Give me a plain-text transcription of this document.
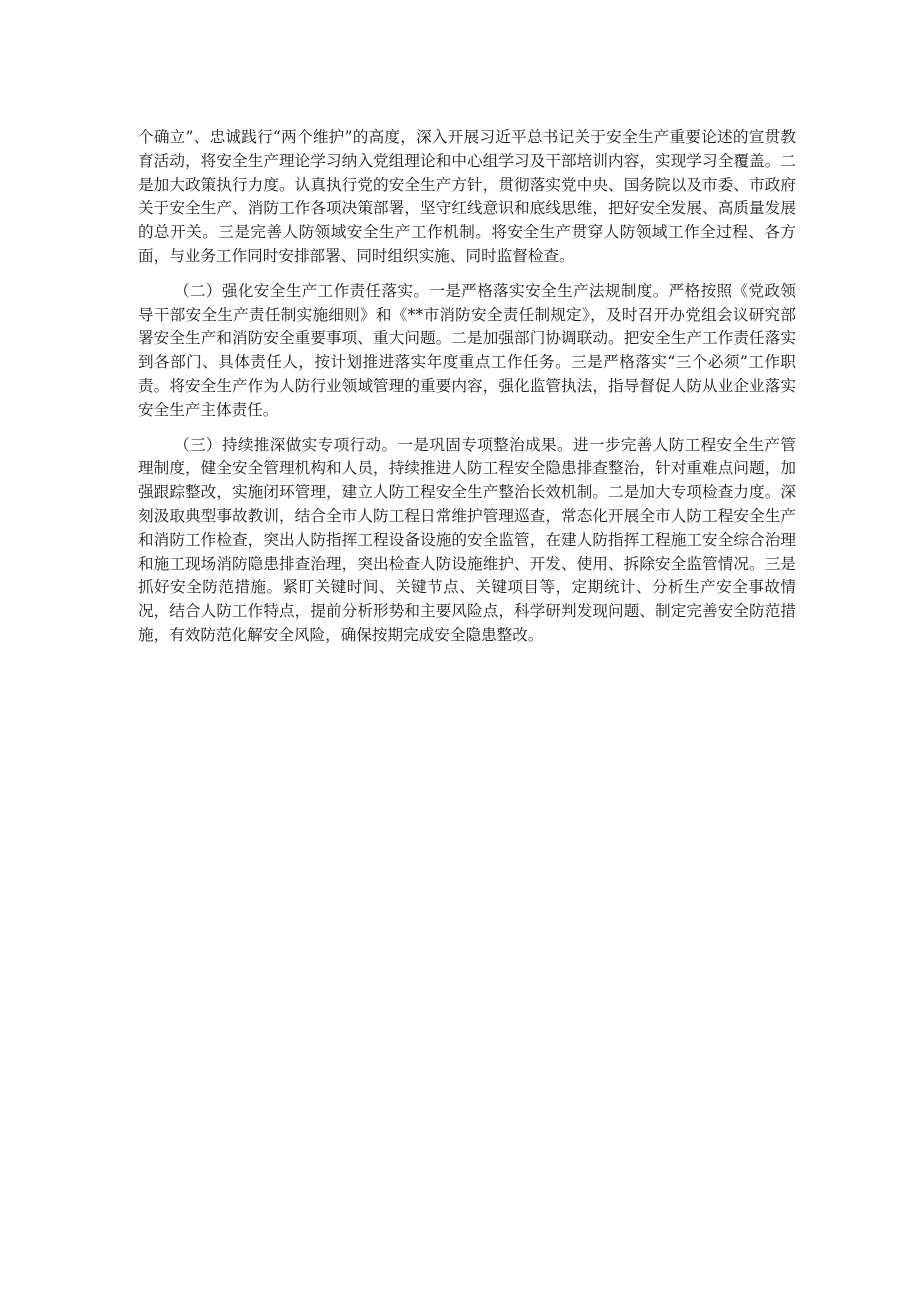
个确立”、忠诚践行“两个维护”的高度，深入开展习近平总书记关于安全生产重要论述的宣贯教育活动，将安全生产理论学习纳入党组理论和中心组学习及干部培训内容，实现学习全覆盖。二是加大政策执行力度。认真执行党的安全生产方针，贯彻落实党中央、国务院以及市委、市政府关于安全生产、消防工作各项决策部署，坚守红线意识和底线思维，把好安全发展、高质量发展的总开关。三是完善人防领域安全生产工作机制。将安全生产贯穿人防领域工作全过程、各方面，与业务工作同时安排部署、同时组织实施、同时监督检查。

（二）强化安全生产工作责任落实。一是严格落实安全生产法规制度。严格按照《党政领导干部安全生产责任制实施细则》和《**市消防安全责任制规定》，及时召开办党组会议研究部署安全生产和消防安全重要事项、重大问题。二是加强部门协调联动。把安全生产工作责任落实到各部门、具体责任人，按计划推进落实年度重点工作任务。三是严格落实“三个必须”工作职责。将安全生产作为人防行业领域管理的重要内容，强化监管执法，指导督促人防从业企业落实安全生产主体责任。

（三）持续推深做实专项行动。一是巩固专项整治成果。进一步完善人防工程安全生产管理制度，健全安全管理机构和人员，持续推进人防工程安全隐患排查整治，针对重难点问题，加强跟踪整改，实施闭环管理，建立人防工程安全生产整治长效机制。二是加大专项检查力度。深刻汲取典型事故教训，结合全市人防工程日常维护管理巡查，常态化开展全市人防工程安全生产和消防工作检查，突出人防指挥工程设备设施的安全监管，在建人防指挥工程施工安全综合治理和施工现场消防隐患排查治理，突出检查人防设施维护、开发、使用、拆除安全监管情况。三是抓好安全防范措施。紧盯关键时间、关键节点、关键项目等，定期统计、分析生产安全事故情况，结合人防工作特点，提前分析形势和主要风险点，科学研判发现问题、制定完善安全防范措施，有效防范化解安全风险，确保按期完成安全隐患整改。
